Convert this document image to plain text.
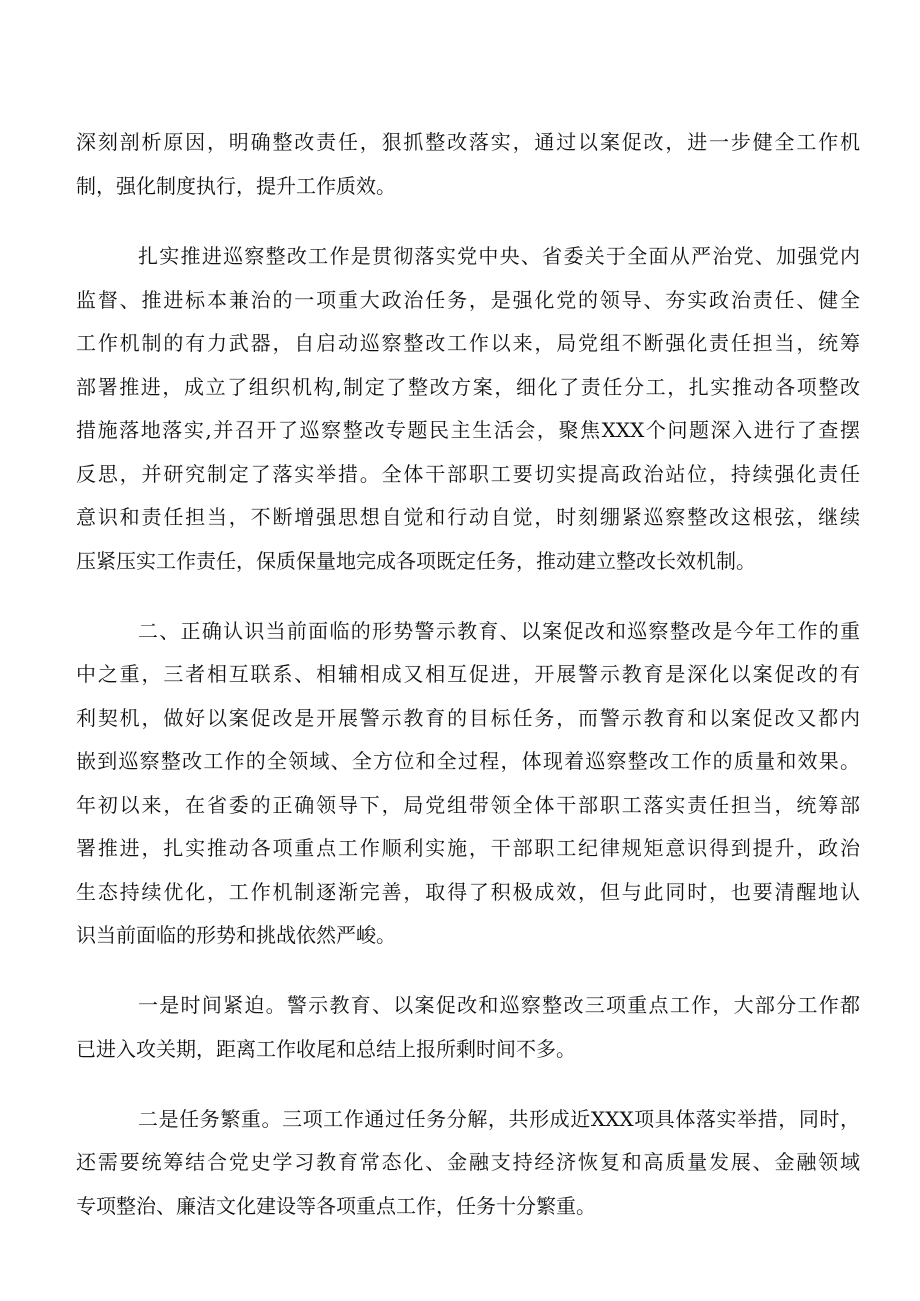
深刻剖析原因，明确整改责任，狠抓整改落实，通过以案促改，进一步健全工作机
制，强化制度执行，提升工作质效。
扎实推进巡察整改工作是贯彻落实党中央、省委关于全面从严治党、加强党内
监督、推进标本兼治的一项重大政治任务，是强化党的领导、夯实政治责任、健全
工作机制的有力武器，自启动巡察整改工作以来，局党组不断强化责任担当，统筹
部署推进，成立了组织机构,制定了整改方案，细化了责任分工，扎实推动各项整改
措施落地落实,并召开了巡察整改专题民主生活会，聚焦XXX个问题深入进行了查摆
反思，并研究制定了落实举措。全体干部职工要切实提高政治站位，持续强化责任
意识和责任担当，不断增强思想自觉和行动自觉，时刻绷紧巡察整改这根弦，继续
压紧压实工作责任，保质保量地完成各项既定任务，推动建立整改长效机制。
二、正确认识当前面临的形势警示教育、以案促改和巡察整改是今年工作的重
中之重，三者相互联系、相辅相成又相互促进，开展警示教育是深化以案促改的有
利契机，做好以案促改是开展警示教育的目标任务，而警示教育和以案促改又都内
嵌到巡察整改工作的全领域、全方位和全过程，体现着巡察整改工作的质量和效果。
年初以来，在省委的正确领导下，局党组带领全体干部职工落实责任担当，统筹部
署推进，扎实推动各项重点工作顺利实施，干部职工纪律规矩意识得到提升，政治
生态持续优化，工作机制逐渐完善，取得了积极成效，但与此同时，也要清醒地认
识当前面临的形势和挑战依然严峻。
一是时间紧迫。警示教育、以案促改和巡察整改三项重点工作，大部分工作都
已进入攻关期，距离工作收尾和总结上报所剩时间不多。
二是任务繁重。三项工作通过任务分解，共形成近XXX项具体落实举措，同时，
还需要统筹结合党史学习教育常态化、金融支持经济恢复和高质量发展、金融领域
专项整治、廉洁文化建设等各项重点工作，任务十分繁重。
